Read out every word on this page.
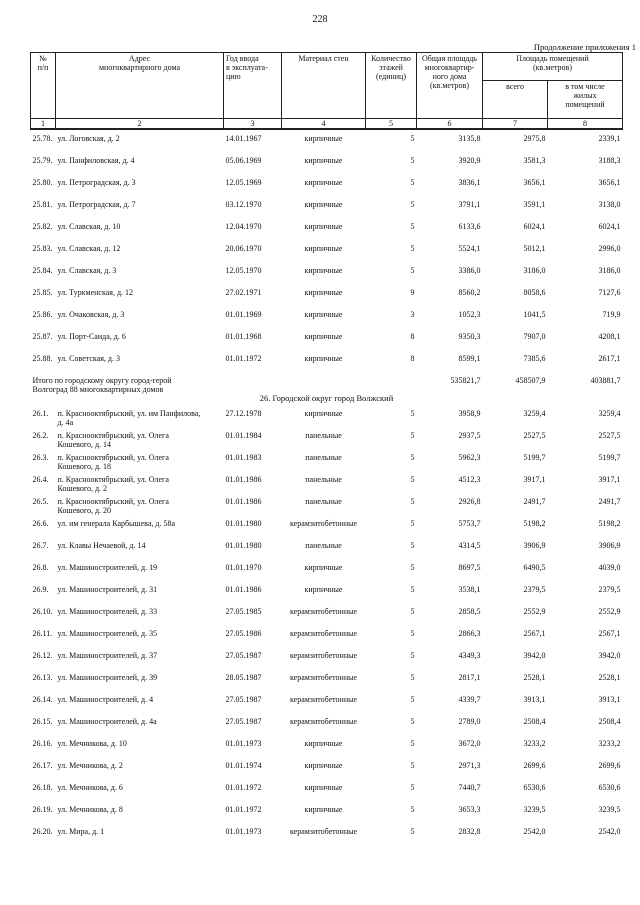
228
Продолжение приложения 1
№
п/п	Адрес
многоквартирного дома	Год ввода
в эксплуата-
цию	Материал стен	Количество
этажей
(единиц)	Общая площадь
многоквартир-
ного дома
(кв.метров)	Площадь помещений
(кв.метров)	
						всего	в том числе
жилых
помещений
1	2	3	4	5	6	7	8

25.78.	ул. Логовская, д. 2	14.01.1967	кирпичные	5	3135,8	2975,8	2339,1

25.79.	ул. Панфиловская, д. 4	05.06.1969	кирпичные	5	3920,9	3581,3	3188,3

25.80.	ул. Петроградская, д. 3	12.05.1969	кирпичные	5	3836,1	3656,1	3656,1

25.81.	ул. Петроградская, д. 7	03.12.1970	кирпичные	5	3791,1	3591,1	3138,0

25.82.	ул. Славская, д. 10	12.04.1970	кирпичные	5	6133,6	6024,1	6024,1

25.83.	ул. Славская, д. 12	20.06.1970	кирпичные	5	5524,1	5012,1	2996,0

25.84.	ул. Славская, д. 3	12.05.1970	кирпичные	5	3386,0	3186,0	3186,0

25.85.	ул. Туркменская, д. 12	27.02.1971	кирпичные	9	8560,2	8058,6	7127,6

25.86.	ул. Очаковская, д. 3	01.01.1969	кирпичные	3	1052,3	1041,5	719,9

25.87.	ул. Порт-Саида, д. 6	01.01.1968	кирпичные	8	9350,3	7907,0	4208,1

25.88.	ул. Советская, д. 3	01.01.1972	кирпичные	8	8599,1	7385,6	2617,1

Итого по городскому округу город-герой
Волгоград 88 многоквартирных домов					535821,7	458507,9	403881,7
26. Городской округ город Волжский							
26.1.	п. Краснооктябрьский, ул. им Панфилова,
д. 4а	27.12.1978	кирпичные	5	3958,9	3259,4	3259,4

26.2.	п. Краснооктябрьский, ул. Олега
Кошевого, д. 14	01.01.1984	панельные	5	2937,5	2527,5	2527,5

26.3.	п. Краснооктябрьский, ул. Олега
Кошевого, д. 18	01.01.1983	панельные	5	5962,3	5199,7	5199,7

26.4.	п. Краснооктябрьский, ул. Олега
Кошевого, д. 2	01.01.1986	панельные	5	4512,3	3917,1	3917,1

26.5.	п. Краснооктябрьский, ул. Олега
Кошевого, д. 20	01.01.1986	панельные	5	2926,8	2491,7	2491,7

26.6.	ул. им генерала Карбышева, д. 58а	01.01.1980	керамзитобетонные	5	5753,7	5198,2	5198,2

26.7.	ул. Клавы Нечаевой, д. 14	01.01.1980	панельные	5	4314,5	3906,9	3906,9

26.8.	ул. Машиностроителей, д. 19	01.01.1970	кирпичные	5	8697,5	6490,5	4039,0

26.9.	ул. Машиностроителей, д. 31	01.01.1986	кирпичные	5	3538,1	2379,5	2379,5

26.10.	ул. Машиностроителей, д. 33	27.05.1985	керамзитобетонные	5	2858,5	2552,9	2552,9

26.11.	ул. Машиностроителей, д. 35	27.05.1986	керамзитобетонные	5	2866,3	2567,1	2567,1

26.12.	ул. Машиностроителей, д. 37	27.05.1987	керамзитобетонные	5	4349,3	3942,0	3942,0

26.13.	ул. Машиностроителей, д. 39	28.05.1987	керамзитобетонные	5	2817,1	2528,1	2528,1

26.14.	ул. Машиностроителей, д. 4	27.05.1987	керамзитобетонные	5	4339,7	3913,1	3913,1

26.15.	ул. Машиностроителей, д. 4а	27.05.1987	керамзитобетонные	5	2789,0	2508,4	2508,4

26.16.	ул. Мечникова, д. 10	01.01.1973	кирпичные	5	3672,0	3233,2	3233,2

26.17.	ул. Мечникова, д. 2	01.01.1974	кирпичные	5	2971,3	2699,6	2699,6

26.18.	ул. Мечникова, д. 6	01.01.1972	кирпичные	5	7440,7	6530,6	6530,6

26.19.	ул. Мечникова, д. 8	01.01.1972	кирпичные	5	3653,3	3239,5	3239,5

26.20.	ул. Мира, д. 1	01.01.1973	керамзитобетонные	5	2832,8	2542,0	2542,0
